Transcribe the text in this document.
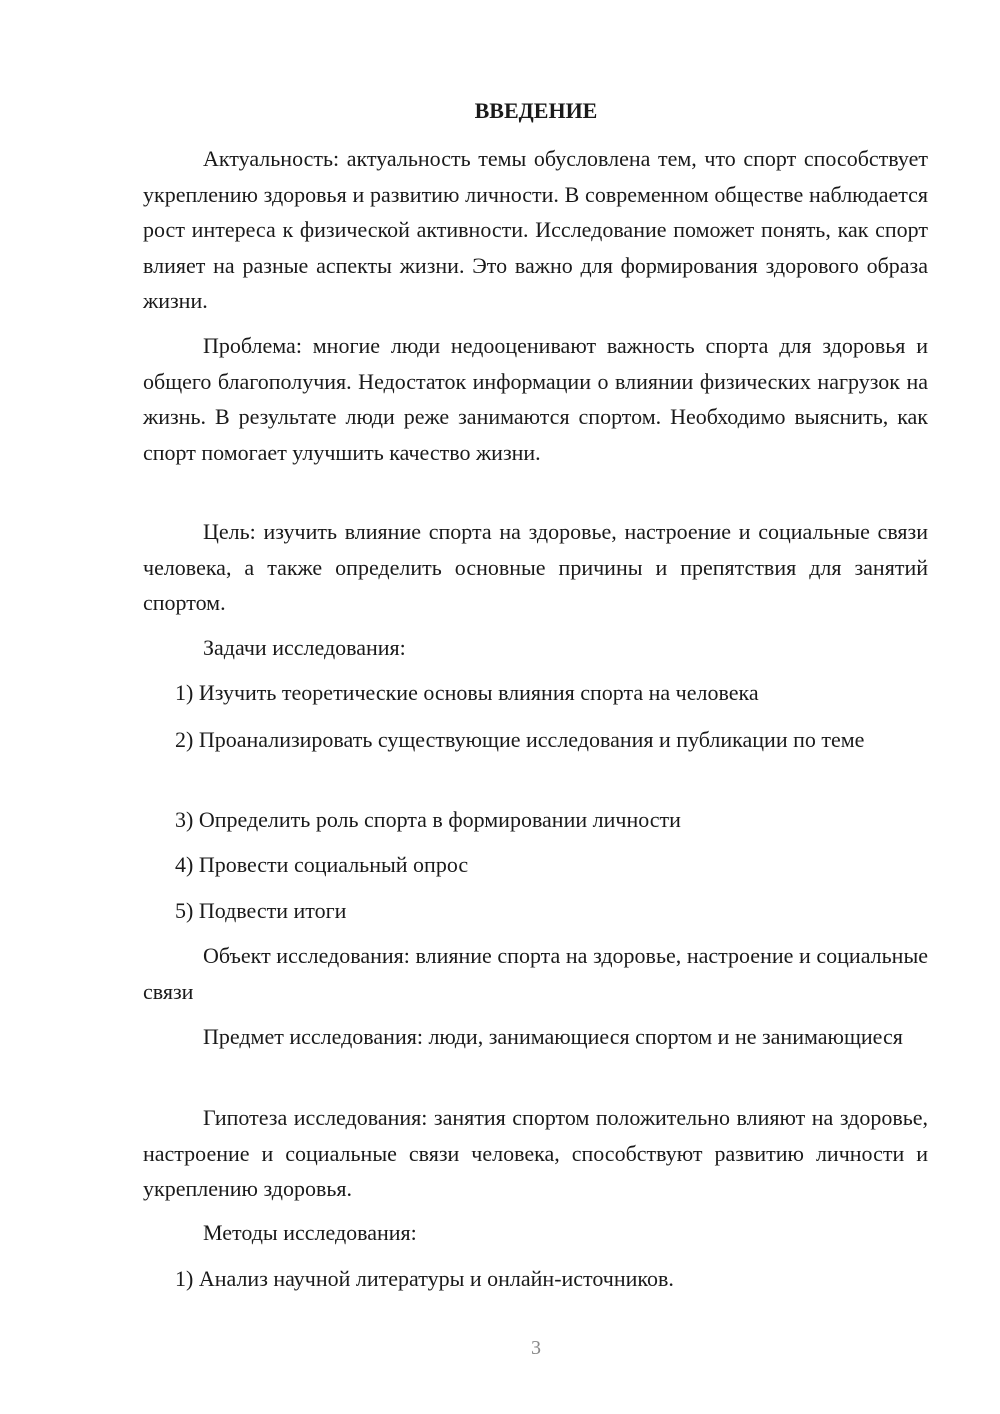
ВВЕДЕНИЕ

Актуальность: актуальность темы обусловлена тем, что спорт способствует укреплению здоровья и развитию личности. В современном обществе наблюдается рост интереса к физической активности. Исследование поможет понять, как спорт влияет на разные аспекты жизни. Это важно для формирования здорового образа жизни.

Проблема: многие люди недооценивают важность спорта для здоровья и общего благополучия. Недостаток информации о влиянии физических нагрузок на жизнь. В результате люди реже занимаются спортом. Необходимо выяснить, как спорт помогает улучшить качество жизни.

Цель: изучить влияние спорта на здоровье, настроение и социальные связи человека, а также определить основные причины и препятствия для занятий спортом.

Задачи исследования:

1) Изучить теоретические основы влияния спорта на человека

2) Проанализировать существующие исследования и публикации по теме

3) Определить роль спорта в формировании личности

4) Провести социальный опрос

5) Подвести итоги

Объект исследования: влияние спорта на здоровье, настроение и социальные связи

Предмет исследования: люди, занимающиеся спортом и не занимающиеся

Гипотеза исследования: занятия спортом положительно влияют на здоровье, настроение и социальные связи человека, способствуют развитию личности и укреплению здоровья.

Методы исследования:

1) Анализ научной литературы и онлайн-источников.

3
